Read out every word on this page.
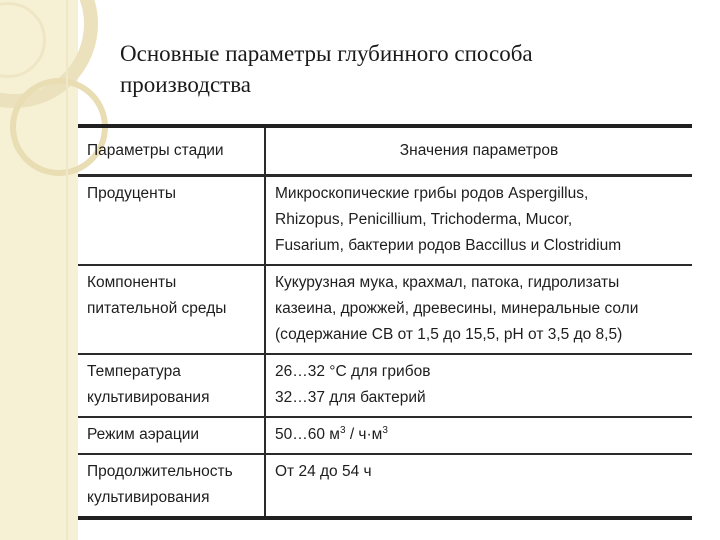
Основные параметры глубинного способа
производства
Параметры стадии	Значения параметров
Продуценты	Микроскопические грибы родов Aspergillus,
Rhizopus, Penicillium, Trichoderma, Mucor,
Fusarium, бактерии родов Baccillus и Clostridium
Компоненты
питательной среды	Кукурузная мука, крахмал, патока, гидролизаты
казеина, дрожжей, древесины, минеральные соли
(содержание СВ от 1,5 до 15,5, pH от 3,5 до 8,5)
Температура
культивирования	26…32 °С для грибов
32…37 для бактерий
Режим аэрации	50…60 $м^3 / ч\cdot м^3$
Продолжительность
культивирования	От 24 до 54 ч
